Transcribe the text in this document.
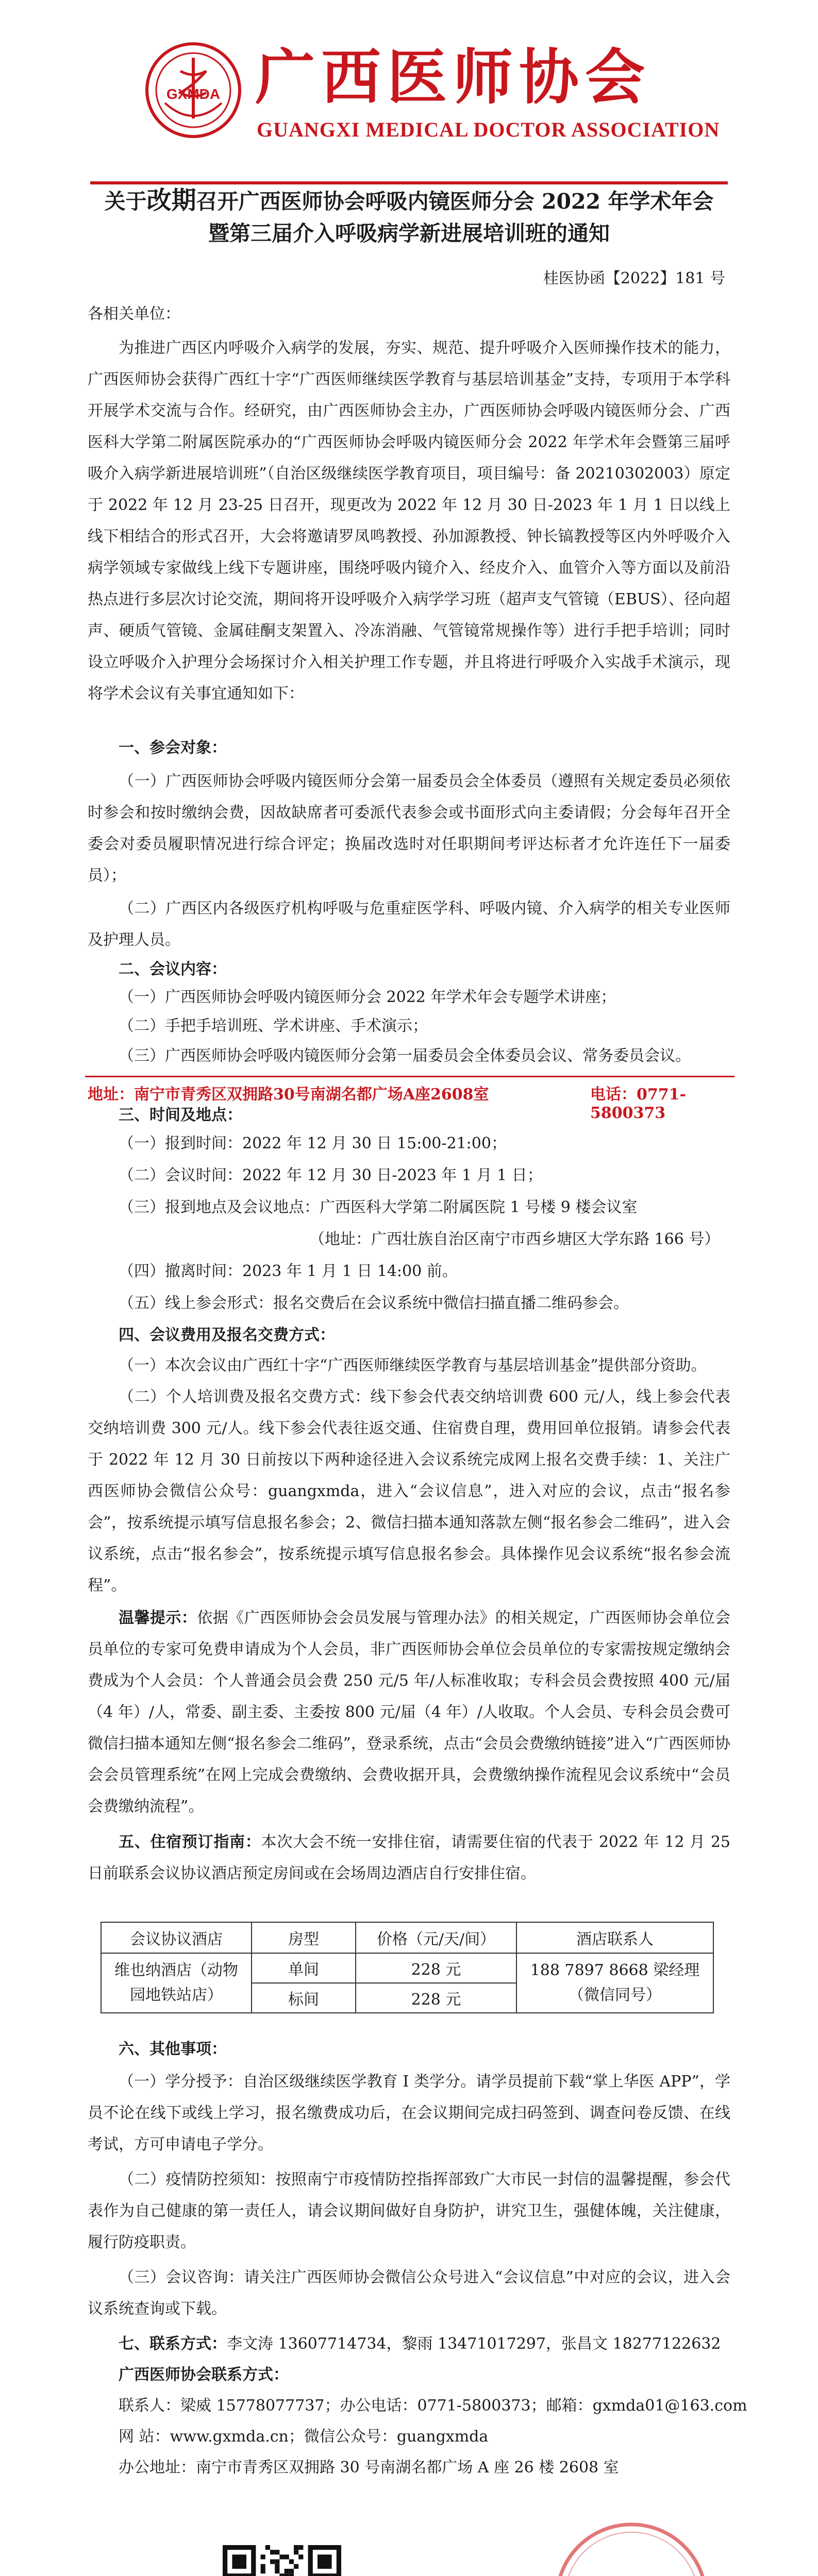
GXMDA 广西医师协会
GUANGXI MEDICAL DOCTOR ASSOCIATION
关于改期召开广西医师协会呼吸内镜医师分会 2022 年学术年会
暨第三届介入呼吸病学新进展培训班的通知
桂医协函【2022】181 号
各相关单位：
为推进广西区内呼吸介入病学的发展，夯实、规范、提升呼吸介入医师操作技术的能力，广西医师协会获得广西红十字“广西医师继续医学教育与基层培训基金”支持，专项用于本学科开展学术交流与合作。经研究，由广西医师协会主办，广西医师协会呼吸内镜医师分会、广西医科大学第二附属医院承办的“广西医师协会呼吸内镜医师分会 2022 年学术年会暨第三届呼吸介入病学新进展培训班”（自治区级继续医学教育项目，项目编号：备 20210302003）原定于 2022 年 12 月 23-25 日召开，现更改为 2022 年 12 月 30 日-2023 年 1 月 1 日以线上线下相结合的形式召开，大会将邀请罗凤鸣教授、孙加源教授、钟长镐教授等区内外呼吸介入病学领域专家做线上线下专题讲座，围绕呼吸内镜介入、经皮介入、血管介入等方面以及前沿热点进行多层次讨论交流，期间将开设呼吸介入病学学习班（超声支气管镜（EBUS）、径向超声、硬质气管镜、金属硅酮支架置入、冷冻消融、气管镜常规操作等）进行手把手培训；同时设立呼吸介入护理分会场探讨介入相关护理工作专题，并且将进行呼吸介入实战手术演示，现将学术会议有关事宜通知如下：
一、参会对象：
（一）广西医师协会呼吸内镜医师分会第一届委员会全体委员（遵照有关规定委员必须依时参会和按时缴纳会费，因故缺席者可委派代表参会或书面形式向主委请假；分会每年召开全委会对委员履职情况进行综合评定；换届改选时对任职期间考评达标者才允许连任下一届委员）；
（二）广西区内各级医疗机构呼吸与危重症医学科、呼吸内镜、介入病学的相关专业医师及护理人员。
二、会议内容：
（一）广西医师协会呼吸内镜医师分会 2022 年学术年会专题学术讲座；
（二）手把手培训班、学术讲座、手术演示；
（三）广西医师协会呼吸内镜医师分会第一届委员会全体委员会议、常务委员会议。
地址：南宁市青秀区双拥路30号南湖名都广场A座2608室	电话：0771-5800373
三、时间及地点：
（一）报到时间：2022 年 12 月 30 日 15:00-21:00；
（二）会议时间：2022 年 12 月 30 日-2023 年 1 月 1 日；
（三）报到地点及会议地点：广西医科大学第二附属医院 1 号楼 9 楼会议室
（地址：广西壮族自治区南宁市西乡塘区大学东路 166 号）
（四）撤离时间：2023 年 1 月 1 日 14:00 前。
（五）线上参会形式：报名交费后在会议系统中微信扫描直播二维码参会。
四、会议费用及报名交费方式：
（一）本次会议由广西红十字“广西医师继续医学教育与基层培训基金”提供部分资助。
（二）个人培训费及报名交费方式：线下参会代表交纳培训费 600 元/人，线上参会代表交纳培训费 300 元/人。线下参会代表往返交通、住宿费自理，费用回单位报销。请参会代表于 2022 年 12 月 30 日前按以下两种途径进入会议系统完成网上报名交费手续：1、关注广西医师协会微信公众号：guangxmda，进入“会议信息”，进入对应的会议，点击“报名参会”，按系统提示填写信息报名参会；2、微信扫描本通知落款左侧“报名参会二维码”，进入会议系统，点击“报名参会”，按系统提示填写信息报名参会。具体操作见会议系统“报名参会流程”。
温馨提示：依据《广西医师协会会员发展与管理办法》的相关规定，广西医师协会单位会员单位的专家可免费申请成为个人会员，非广西医师协会单位会员单位的专家需按规定缴纳会费成为个人会员：个人普通会员会费 250 元/5 年/人标准收取；专科会员会费按照 400 元/届（4 年）/人，常委、副主委、主委按 800 元/届（4 年）/人收取。个人会员、专科会员会费可微信扫描本通知左侧“报名参会二维码”，登录系统，点击“会员会费缴纳链接”进入“广西医师协会会员管理系统”在网上完成会费缴纳、会费收据开具，会费缴纳操作流程见会议系统中“会员会费缴纳流程”。
五、住宿预订指南：本次大会不统一安排住宿，请需要住宿的代表于 2022 年 12 月 25 日前联系会议协议酒店预定房间或在会场周边酒店自行安排住宿。
会议协议酒店	房型	价格（元/天/间）	酒店联系人
维也纳酒店（动物园地铁站店）	单间	228 元	188 7897 8668 梁经理（微信同号）
	标间	228 元	
六、其他事项：
（一）学分授予：自治区级继续医学教育 I 类学分。请学员提前下载“掌上华医 APP”，学员不论在线下或线上学习，报名缴费成功后，在会议期间完成扫码签到、调查问卷反馈、在线考试，方可申请电子学分。
（二）疫情防控须知：按照南宁市疫情防控指挥部致广大市民一封信的温馨提醒，参会代表作为自己健康的第一责任人，请会议期间做好自身防护，讲究卫生，强健体魄，关注健康，履行防疫职责。
（三）会议咨询：请关注广西医师协会微信公众号进入“会议信息”中对应的会议，进入会议系统查询或下载。
七、联系方式：李文涛 13607714734，黎雨 13471017297，张昌文 18277122632
广西医师协会联系方式：
联系人：梁威 15778077737；办公电话：0771-5800373；邮箱：gxmda01@163.com
网 站：www.gxmda.cn；微信公众号：guangxmda
办公地址：南宁市青秀区双拥路 30 号南湖名都广场 A 座 26 楼 2608 室
